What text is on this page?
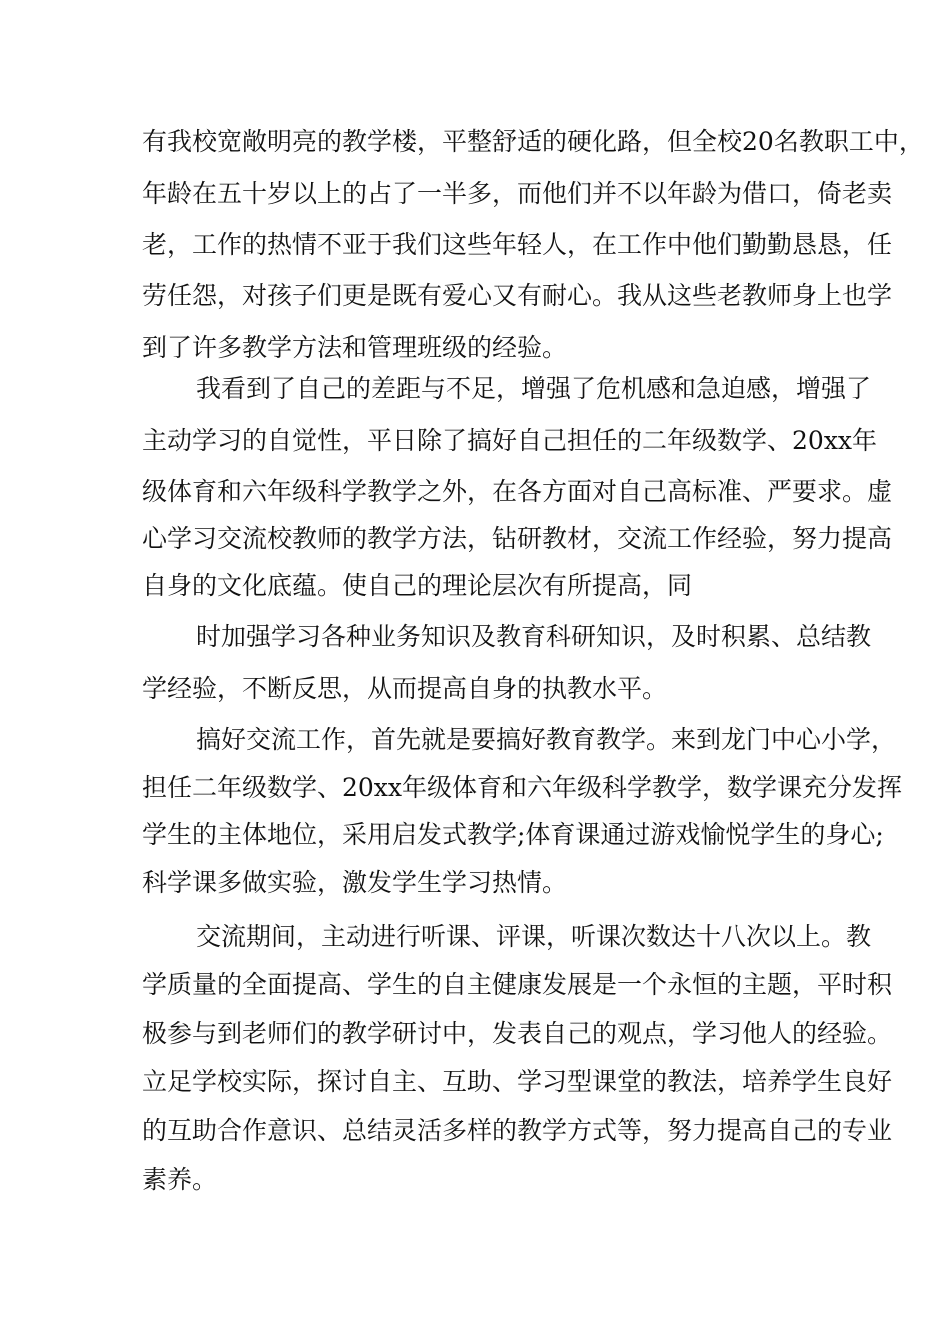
有我校宽敞明亮的教学楼，平整舒适的硬化路，但全校20名教职工中，

年龄在五十岁以上的占了一半多，而他们并不以年龄为借口，倚老卖

老，工作的热情不亚于我们这些年轻人，在工作中他们勤勤恳恳，任

劳任怨，对孩子们更是既有爱心又有耐心。我从这些老教师身上也学

到了许多教学方法和管理班级的经验。

我看到了自己的差距与不足，增强了危机感和急迫感，增强了

主动学习的自觉性，平日除了搞好自己担任的二年级数学、20xx年

级体育和六年级科学教学之外，在各方面对自己高标准、严要求。虚

心学习交流校教师的教学方法，钻研教材，交流工作经验，努力提高

自身的文化底蕴。使自己的理论层次有所提高，同

时加强学习各种业务知识及教育科研知识，及时积累、总结教

学经验，不断反思，从而提高自身的执教水平。

搞好交流工作，首先就是要搞好教育教学。来到龙门中心小学，

担任二年级数学、20xx年级体育和六年级科学教学，数学课充分发挥

学生的主体地位，采用启发式教学;体育课通过游戏愉悦学生的身心;

科学课多做实验，激发学生学习热情。

交流期间，主动进行听课、评课，听课次数达十八次以上。教

学质量的全面提高、学生的自主健康发展是一个永恒的主题，平时积

极参与到老师们的教学研讨中，发表自己的观点，学习他人的经验。

立足学校实际，探讨自主、互助、学习型课堂的教法，培养学生良好

的互助合作意识、总结灵活多样的教学方式等，努力提高自己的专业

素养。
